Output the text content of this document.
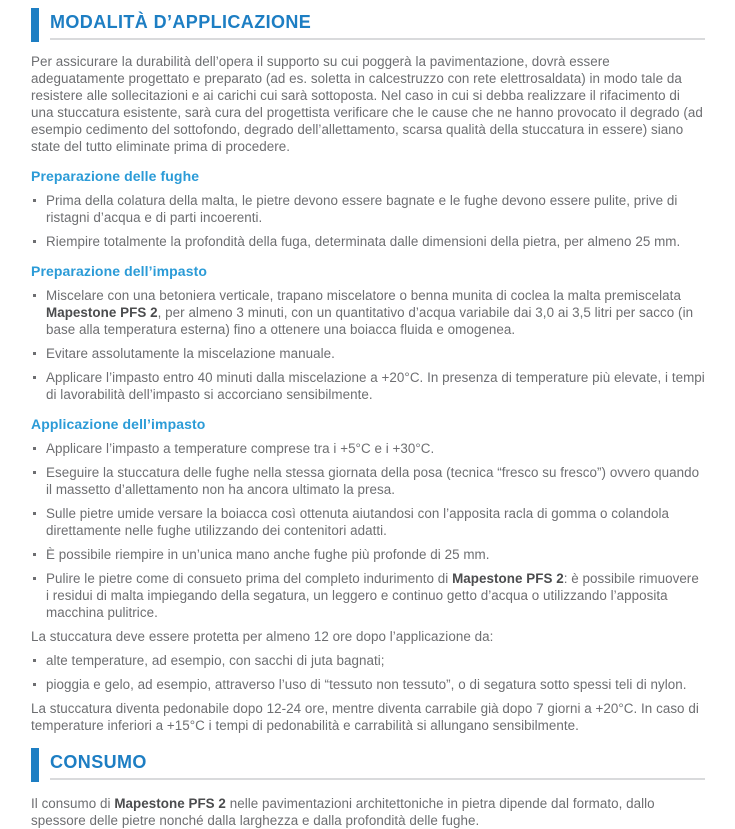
MODALITÀ D’APPLICAZIONE

Per assicurare la durabilità dell’opera il supporto su cui poggerà la pavimentazione, dovrà essere adeguatamente progettato e preparato (ad es. soletta in calcestruzzo con rete elettrosaldata) in modo tale da resistere alle sollecitazioni e ai carichi cui sarà sottoposta. Nel caso in cui si debba realizzare il rifacimento di una stuccatura esistente, sarà cura del progettista verificare che le cause che ne hanno provocato il degrado (ad esempio cedimento del sottofondo, degrado dell’allettamento, scarsa qualità della stuccatura in essere) siano state del tutto eliminate prima di procedere.

Preparazione delle fughe
Prima della colatura della malta, le pietre devono essere bagnate e le fughe devono essere pulite, prive di ristagni d’acqua e di parti incoerenti.
Riempire totalmente la profondità della fuga, determinata dalle dimensioni della pietra, per almeno 25 mm.
Preparazione dell’impasto
Miscelare con una betoniera verticale, trapano miscelatore o benna munita di coclea la malta premiscelata Mapestone PFS 2, per almeno 3 minuti, con un quantitativo d’acqua variabile dai 3,0 ai 3,5 litri per sacco (in base alla temperatura esterna) fino a ottenere una boiacca fluida e omogenea.
Evitare assolutamente la miscelazione manuale.
Applicare l’impasto entro 40 minuti dalla miscelazione a +20°C. In presenza di temperature più elevate, i tempi di lavorabilità dell’impasto si accorciano sensibilmente.
Applicazione dell’impasto
Applicare l’impasto a temperature comprese tra i +5°C e i +30°C.
Eseguire la stuccatura delle fughe nella stessa giornata della posa (tecnica “fresco su fresco”) ovvero quando il massetto d’allettamento non ha ancora ultimato la presa.
Sulle pietre umide versare la boiacca così ottenuta aiutandosi con l’apposita racla di gomma o colandola direttamente nelle fughe utilizzando dei contenitori adatti.
È possibile riempire in un’unica mano anche fughe più profonde di 25 mm.
Pulire le pietre come di consueto prima del completo indurimento di Mapestone PFS 2: è possibile rimuovere i residui di malta impiegando della segatura, un leggero e continuo getto d’acqua o utilizzando l’apposita macchina pulitrice.

La stuccatura deve essere protetta per almeno 12 ore dopo l’applicazione da:

alte temperature, ad esempio, con sacchi di juta bagnati;
pioggia e gelo, ad esempio, attraverso l’uso di “tessuto non tessuto”, o di segatura sotto spessi teli di nylon.

La stuccatura diventa pedonabile dopo 12-24 ore, mentre diventa carrabile già dopo 7 giorni a +20°C. In caso di temperature inferiori a +15°C i tempi di pedonabilità e carrabilità si allungano sensibilmente.

CONSUMO

Il consumo di Mapestone PFS 2 nelle pavimentazioni architettoniche in pietra dipende dal formato, dallo spessore delle pietre nonché dalla larghezza e dalla profondità delle fughe.
